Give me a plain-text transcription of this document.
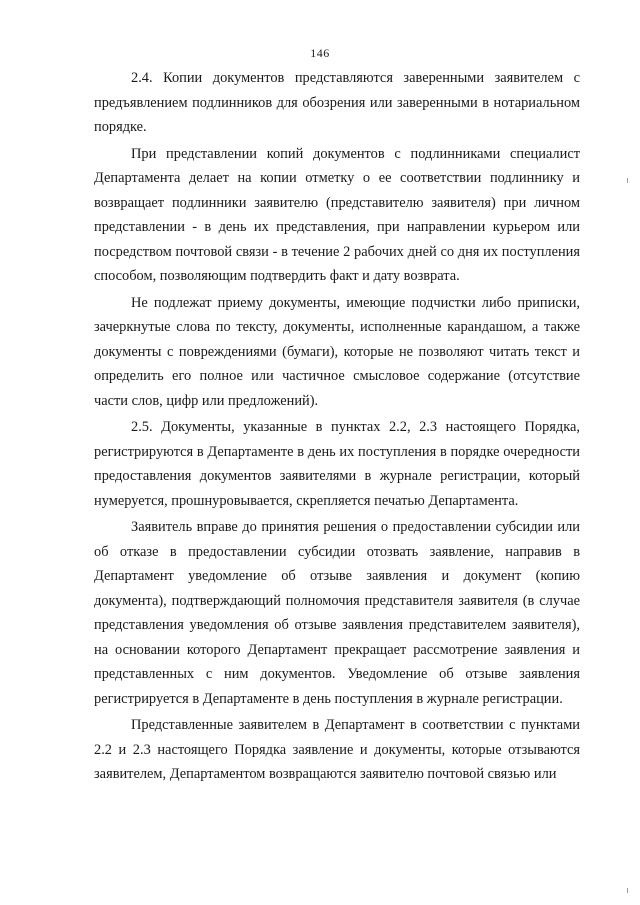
146

2.4. Копии документов представляются заверенными заявителем с предъявлением подлинников для обозрения или заверенными в нотариальном порядке.

При представлении копий документов с подлинниками специалист Департамента делает на копии отметку о ее соответствии подлиннику и возвращает подлинники заявителю (представителю заявителя) при личном представлении - в день их представления, при направлении курьером или посредством почтовой связи - в течение 2 рабочих дней со дня их поступления способом, позволяющим подтвердить факт и дату возврата.

Не подлежат приему документы, имеющие подчистки либо приписки, зачеркнутые слова по тексту, документы, исполненные карандашом, а также документы с повреждениями (бумаги), которые не позволяют читать текст и определить его полное или частичное смысловое содержание (отсутствие части слов, цифр или предложений).

2.5. Документы, указанные в пунктах 2.2, 2.3 настоящего Порядка, регистрируются в Департаменте в день их поступления в порядке очередности предоставления документов заявителями в журнале регистрации, который нумеруется, прошнуровывается, скрепляется печатью Департамента.

Заявитель вправе до принятия решения о предоставлении субсидии или об отказе в предоставлении субсидии отозвать заявление, направив в Департамент уведомление об отзыве заявления и документ (копию документа), подтверждающий полномочия представителя заявителя (в случае представления уведомления об отзыве заявления представителем заявителя), на основании которого Департамент прекращает рассмотрение заявления и представленных с ним документов. Уведомление об отзыве заявления регистрируется в Департаменте в день поступления в журнале регистрации.

Представленные заявителем в Департамент в соответствии с пунктами 2.2 и 2.3 настоящего Порядка заявление и документы, которые отзываются заявителем, Департаментом возвращаются заявителю почтовой связью или
